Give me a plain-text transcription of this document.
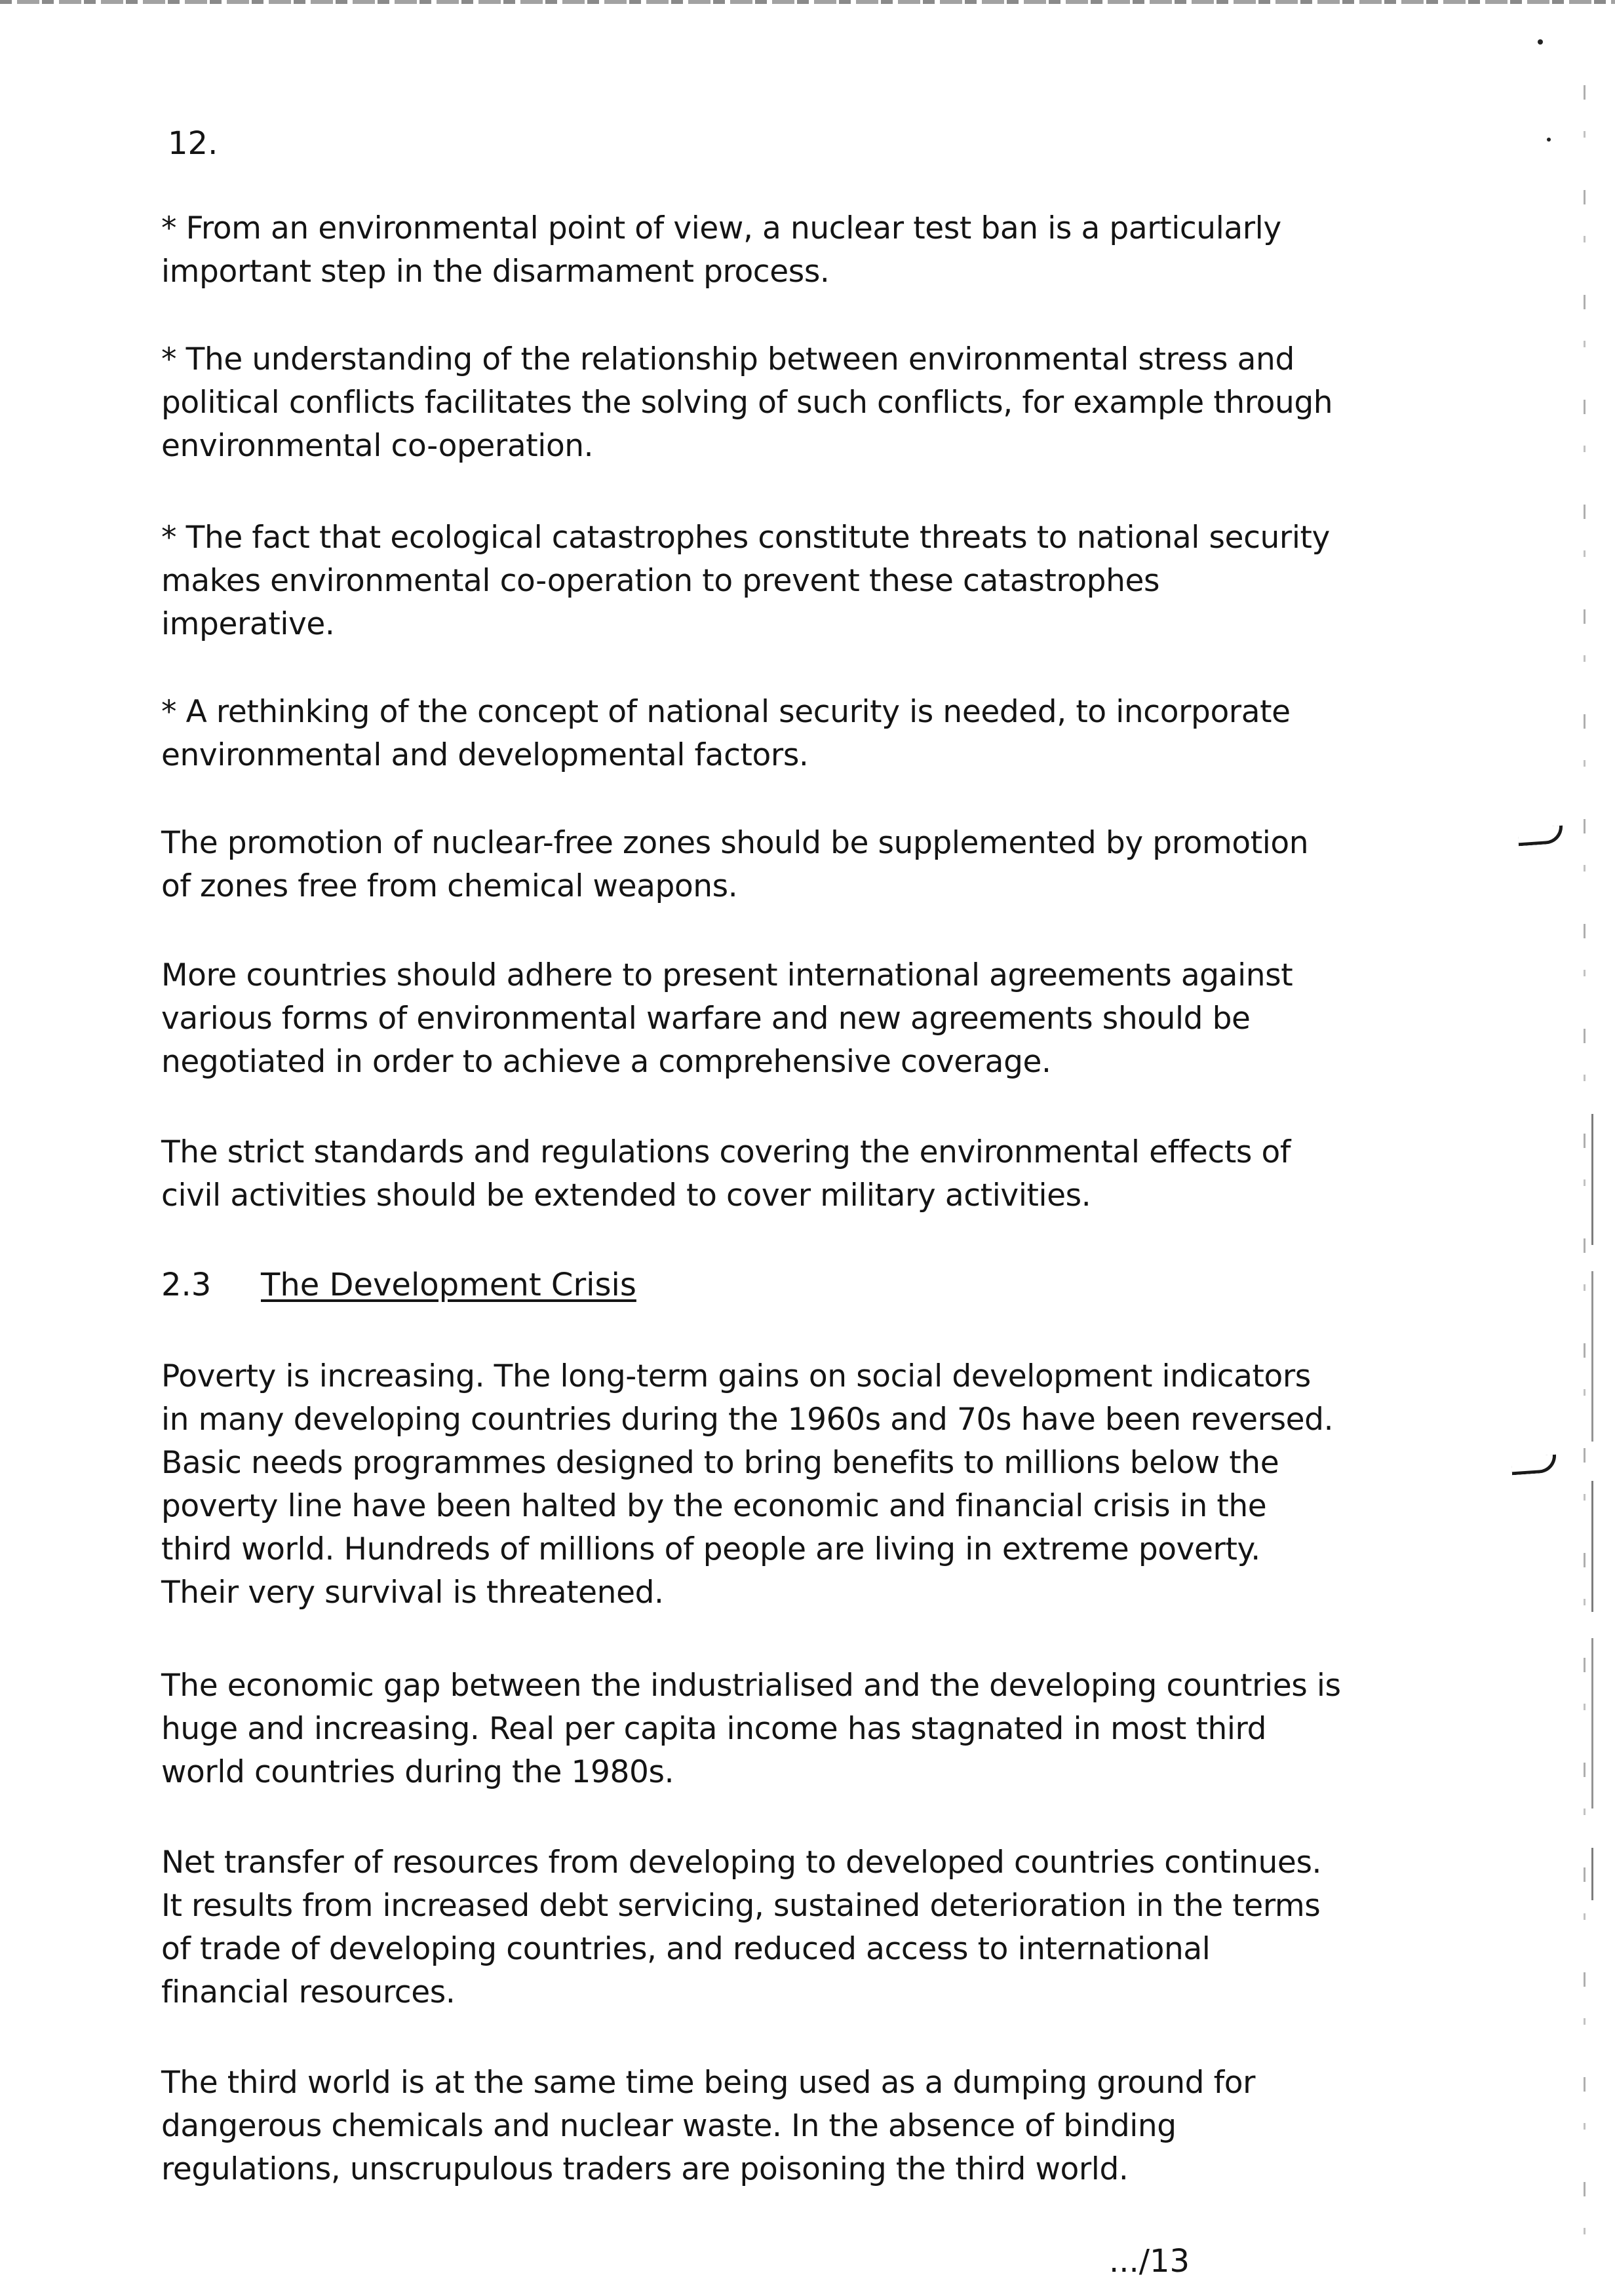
12.

* From an environmental point of view, a nuclear test ban is a particularly important step in the disarmament process.

* The understanding of the relationship between environmental stress and political conflicts facilitates the solving of such conflicts, for example through environmental co-operation.

* The fact that ecological catastrophes constitute threats to national security makes environmental co-operation to prevent these catastrophes imperative.

* A rethinking of the concept of national security is needed, to incorporate environmental and developmental factors.

The promotion of nuclear-free zones should be supplemented by promotion of zones free from chemical weapons.

More countries should adhere to present international agreements against various forms of environmental warfare and new agreements should be negotiated in order to achieve a comprehensive coverage.

The strict standards and regulations covering the environmental effects of civil activities should be extended to cover military activities.

2.3 The Development Crisis

Poverty is increasing. The long-term gains on social development indicators in many developing countries during the 1960s and 70s have been reversed. Basic needs programmes designed to bring benefits to millions below the poverty line have been halted by the economic and financial crisis in the third world. Hundreds of millions of people are living in extreme poverty. Their very survival is threatened.

The economic gap between the industrialised and the developing countries is huge and increasing. Real per capita income has stagnated in most third world countries during the 1980s.

Net transfer of resources from developing to developed countries continues. It results from increased debt servicing, sustained deterioration in the terms of trade of developing countries, and reduced access to international financial resources.

The third world is at the same time being used as a dumping ground for dangerous chemicals and nuclear waste. In the absence of binding regulations, unscrupulous traders are poisoning the third world.

.../13
